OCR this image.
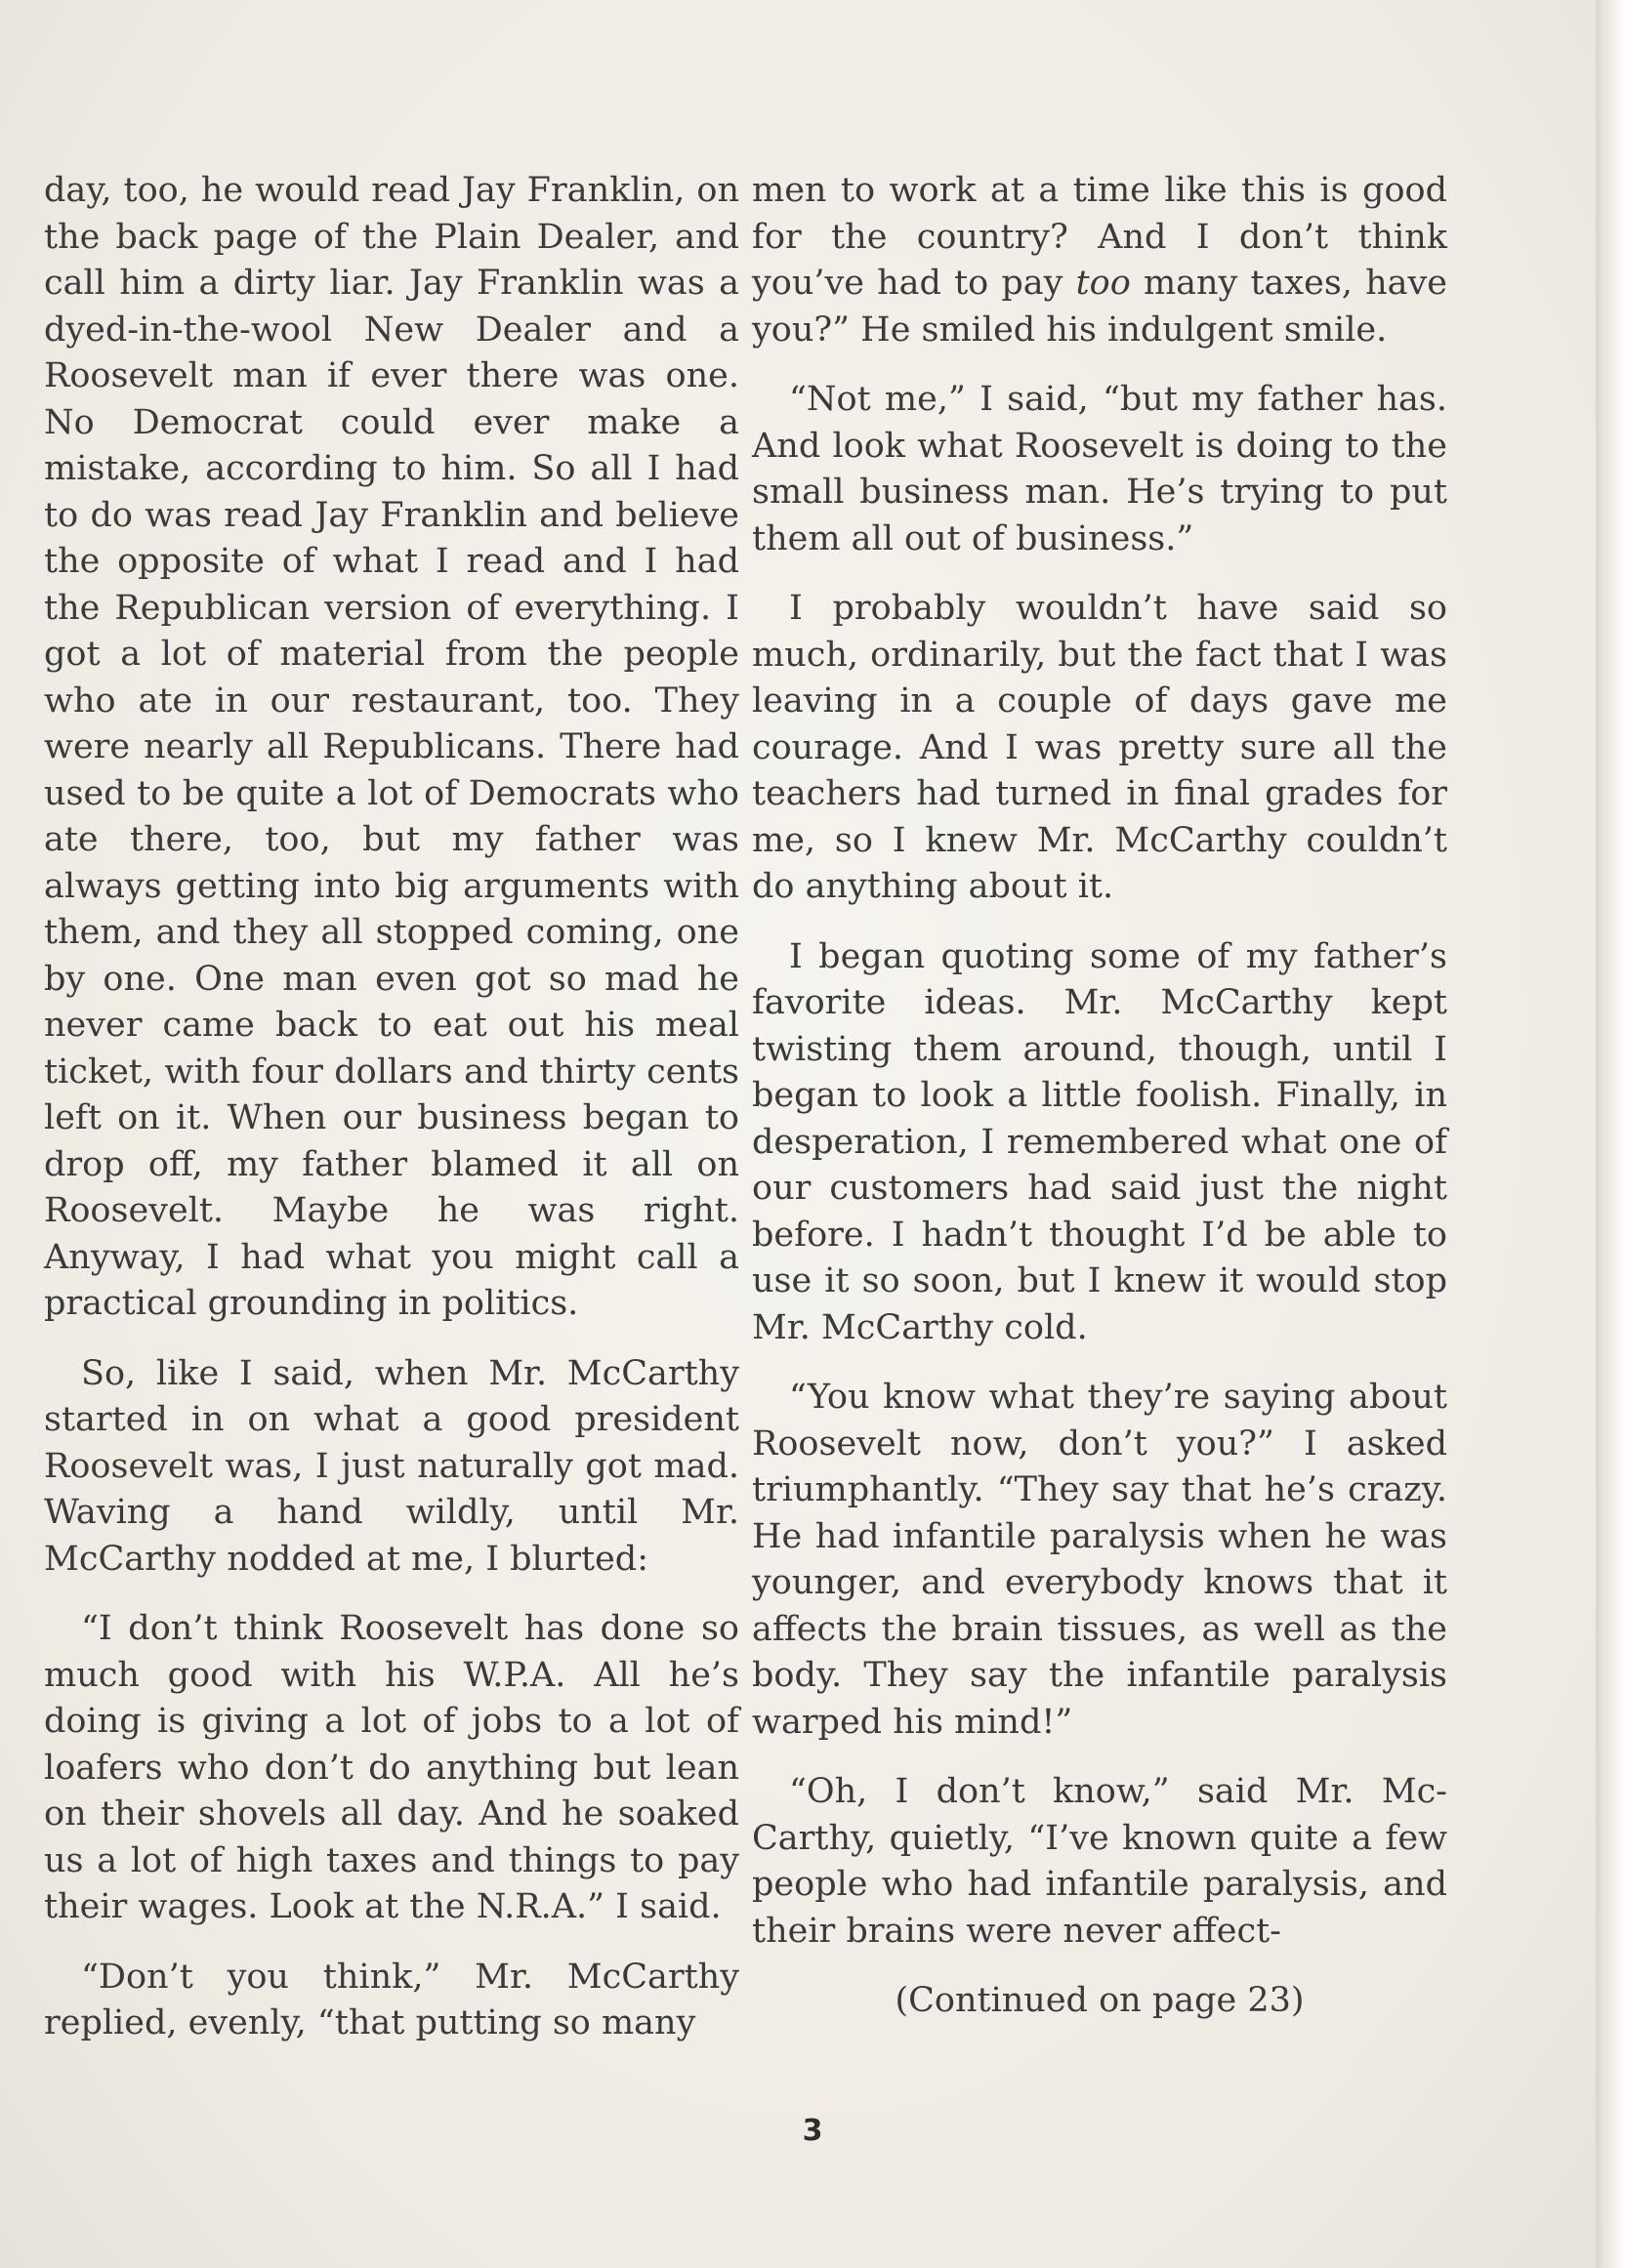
day, too, he would read Jay Franklin, on the back page of the Plain Dealer, and call him a dirty liar. Jay Franklin was a dyed-in-the-wool New Dealer and a Roosevelt man if ever there was one. No Democrat could ever make a mistake, according to him. So all I had to do was read Jay Franklin and believe the opposite of what I read and I had the Republican version of everything. I got a lot of material from the people who ate in our restaurant, too. They were nearly all Republicans. There had used to be quite a lot of Democrats who ate there, too, but my father was always getting into big arguments with them, and they all stopped coming, one by one. One man even got so mad he never came back to eat out his meal ticket, with four dollars and thirty cents left on it. When our business began to drop off, my father blamed it all on Roosevelt. Maybe he was right. Anyway, I had what you might call a practical grounding in politics.

So, like I said, when Mr. McCarthy started in on what a good president Roosevelt was, I just naturally got mad. Waving a hand wildly, until Mr. McCarthy nodded at me, I blurted:

“I don’t think Roosevelt has done so much good with his W.P.A. All he’s doing is giving a lot of jobs to a lot of loafers who don’t do anything but lean on their shovels all day. And he soaked us a lot of high taxes and things to pay their wages. Look at the N.R.A.” I said.

“Don’t you think,” Mr. McCarthy replied, evenly, “that putting so many

men to work at a time like this is good for the country? And I don’t think you’ve had to pay too many taxes, have you?” He smiled his indulgent smile.

“Not me,” I said, “but my father has. And look what Roosevelt is doing to the small business man. He’s trying to put them all out of business.”

I probably wouldn’t have said so much, ordinarily, but the fact that I was leaving in a couple of days gave me courage. And I was pretty sure all the teachers had turned in final grades for me, so I knew Mr. McCarthy couldn’t do anything about it.

I began quoting some of my father’s favorite ideas. Mr. McCarthy kept twisting them around, though, until I began to look a little foolish. Finally, in desperation, I remembered what one of our customers had said just the night before. I hadn’t thought I’d be able to use it so soon, but I knew it would stop Mr. McCarthy cold.

“You know what they’re saying about Roosevelt now, don’t you?” I asked triumphantly. “They say that he’s crazy. He had infantile paralysis when he was younger, and everybody knows that it affects the brain tissues, as well as the body. They say the infantile paralysis warped his mind!”

“Oh, I don’t know,” said Mr. McCarthy, quietly, “I’ve known quite a few people who had infantile paralysis, and their brains were never affect-

(Continued on page 23)

3
